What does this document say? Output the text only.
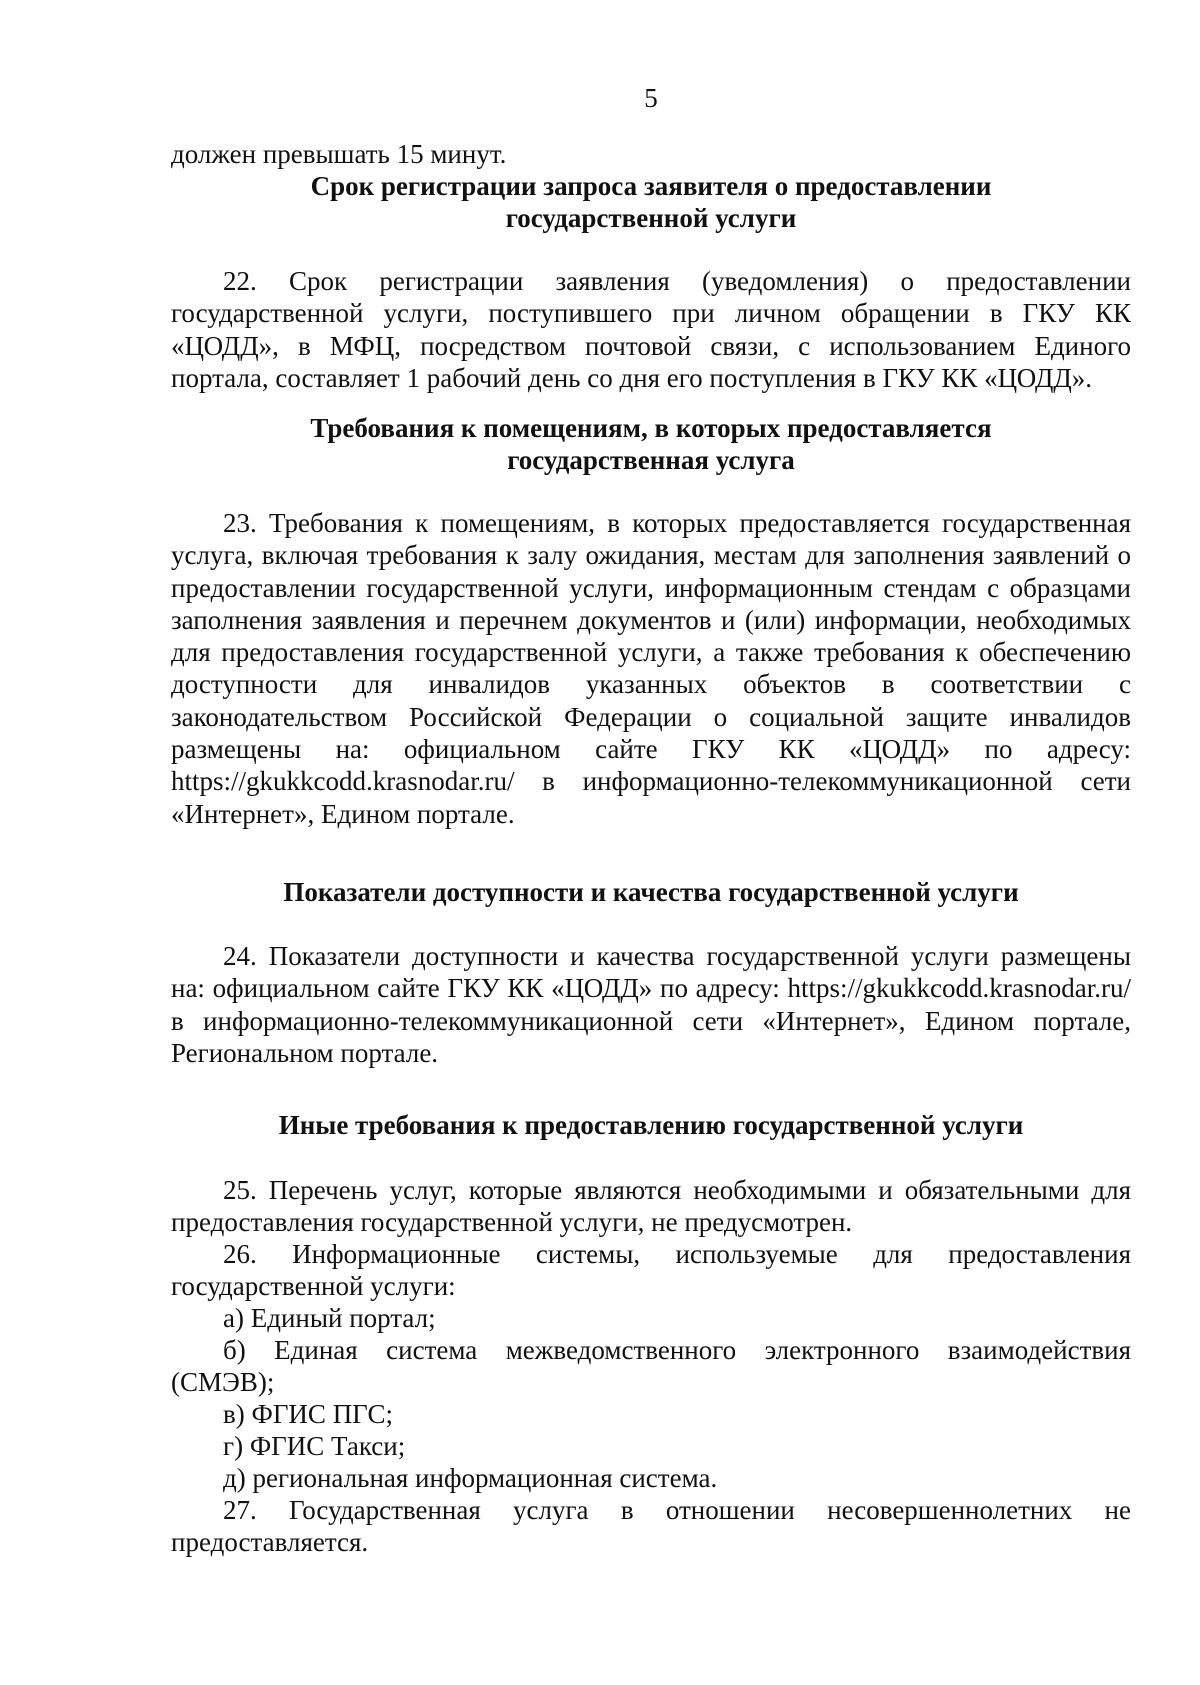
5
должен превышать 15 минут.
Срок регистрации запроса заявителя о предоставлении
государственной услуги

22. Срок регистрации заявления (уведомления) о предоставлении государственной услуги, поступившего при личном обращении в ГКУ КК «ЦОДД», в МФЦ, посредством почтовой связи, с использованием Единого портала, составляет 1 рабочий день со дня его поступления в ГКУ КК «ЦОДД».

Требования к помещениям, в которых предоставляется
государственная услуга

23. Требования к помещениям, в которых предоставляется государственная услуга, включая требования к залу ожидания, местам для заполнения заявлений о предоставлении государственной услуги, информационным стендам с образцами заполнения заявления и перечнем документов и (или) информации, необходимых для предоставления государственной услуги, а также требования к обеспечению доступности для инвалидов указанных объектов в соответствии с законодательством Российской Федерации о социальной защите инвалидов размещены на: официальном сайте ГКУ КК «ЦОДД» по адресу: https://gkukkcodd.krasnodar.ru/ в информационно-телекоммуникационной сети «Интернет», Едином портале.

Показатели доступности и качества государственной услуги

24. Показатели доступности и качества государственной услуги размещены на: официальном сайте ГКУ КК «ЦОДД» по адресу: https://gkukkcodd.krasnodar.ru/ в информационно-телекоммуникационной сети «Интернет», Едином портале, Региональном портале.

Иные требования к предоставлению государственной услуги

25. Перечень услуг, которые являются необходимыми и обязательными для предоставления государственной услуги, не предусмотрен.

26. Информационные системы, используемые для предоставления государственной услуги:

а) Единый портал;

б) Единая система межведомственного электронного взаимодействия (СМЭВ);

в) ФГИС ПГС;

г) ФГИС Такси;

д) региональная информационная система.

27. Государственная услуга в отношении несовершеннолетних не предоставляется.
